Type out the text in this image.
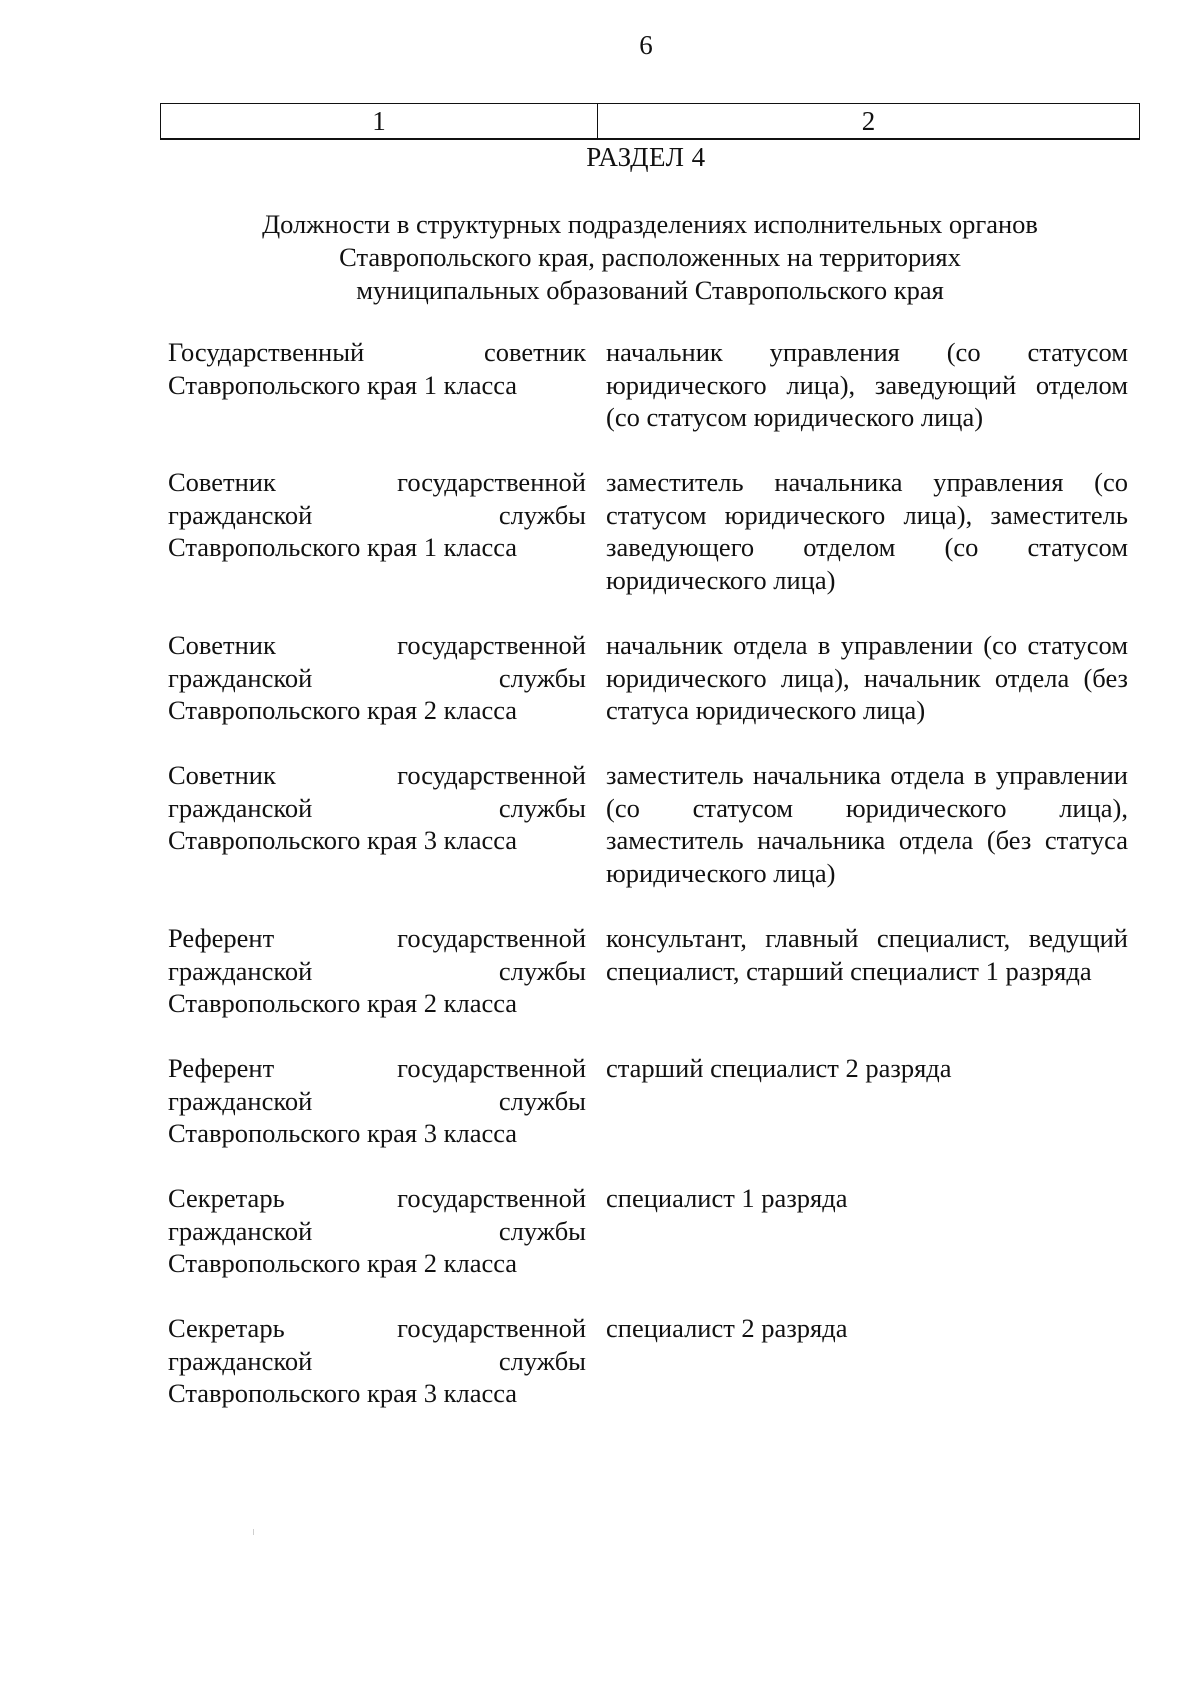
6
1	2
РАЗДЕЛ 4
Должности в структурных подразделениях исполнительных органов
Ставропольского края, расположенных на территориях
муниципальных образований Ставропольского края
Государственный советник Ставропольского края 1 класса
начальник управления (со статусом юридического лица), заведующий отделом (со статусом юридического лица)
Советник государственной гражданской службы Ставропольского края 1 класса
заместитель начальника управления (со статусом юридического лица), заместитель заведующего отделом (со статусом юридического лица)
Советник государственной гражданской службы Ставропольского края 2 класса
начальник отдела в управлении (со статусом юридического лица), начальник отдела (без статуса юридического лица)
Советник государственной гражданской службы Ставропольского края 3 класса
заместитель начальника отдела в управлении (со статусом юридического лица), заместитель начальника отдела (без статуса юридического лица)
Референт государственной гражданской службы Ставропольского края 2 класса
консультант, главный специалист, ведущий специалист, старший специалист 1 разряда
Референт государственной гражданской службы Ставропольского края 3 класса
старший специалист 2 разряда
Секретарь государственной гражданской службы Ставропольского края 2 класса
специалист 1 разряда
Секретарь государственной гражданской службы Ставропольского края 3 класса
специалист 2 разряда
